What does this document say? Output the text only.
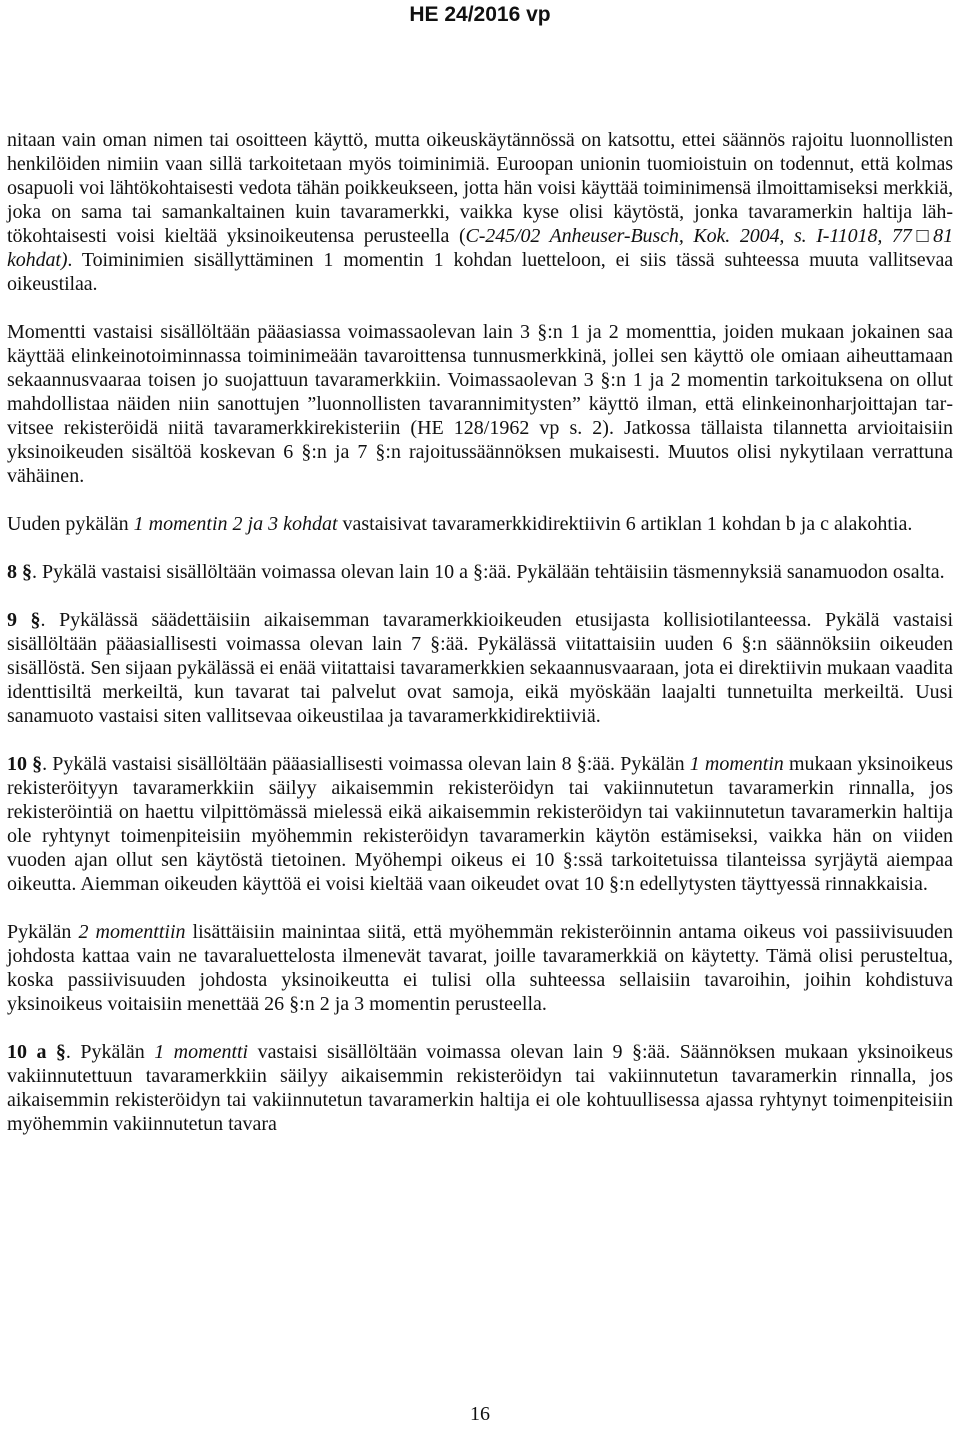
HE 24/2016 vp

nitaan vain oman nimen tai osoitteen käyttö, mutta oikeuskäytännössä on katsottu, ettei säännös rajoitu luonnollisten henkilöiden nimiin vaan sillä tarkoitetaan myös toiminimiä. Euroopan unionin tuomioistuin on todennut, että kolmas osapuoli voi lähtökohtaisesti vedota tähän poikkeukseen, jotta hän voisi käyttää toiminimensä ilmoittamiseksi merkkiä, joka on sama tai samankaltainen kuin tavaramerkki, vaikka kyse olisi käytöstä, jonka tavaramerkin haltija lähtökohtaisesti voisi kieltää yksinoikeutensa perusteella (C-245/02 Anheuser-Busch, Kok. 2004, s. I-11018, 77□81 kohdat). Toiminimien sisällyttäminen 1 momentin 1 kohdan luetteloon, ei siis tässä suhteessa muuta vallitsevaa oikeustilaa.

Momentti vastaisi sisällöltään pääasiassa voimassaolevan lain 3 §:n 1 ja 2 momenttia, joiden mukaan jokainen saa käyttää elinkeinotoiminnassa toiminimeään tavaroittensa tunnusmerkkinä, jollei sen käyttö ole omiaan aiheuttamaan sekaannusvaaraa toisen jo suojattuun tavaramerkkiin. Voimassaolevan 3 §:n 1 ja 2 momentin tarkoituksena on ollut mahdollistaa näiden niin sanottujen ”luonnollisten tavarannimitysten” käyttö ilman, että elinkeinonharjoittajan tarvitsee rekisteröidä niitä tavaramerkkirekisteriin (HE 128/1962 vp s. 2). Jatkossa tällaista tilannetta arvioitaisiin yksinoikeuden sisältöä koskevan 6 §:n ja 7 §:n rajoitussäännöksen mukaisesti. Muutos olisi nykytilaan verrattuna vähäinen.

Uuden pykälän 1 momentin 2 ja 3 kohdat vastaisivat tavaramerkkidirektiivin 6 artiklan 1 kohdan b ja c alakohtia.

8 §. Pykälä vastaisi sisällöltään voimassa olevan lain 10 a §:ää. Pykälään tehtäisiin täsmennyksiä sanamuodon osalta.

9 §. Pykälässä säädettäisiin aikaisemman tavaramerkkioikeuden etusijasta kollisiotilanteessa. Pykälä vastaisi sisällöltään pääasiallisesti voimassa olevan lain 7 §:ää. Pykälässä viitattaisiin uuden 6 §:n säännöksiin oikeuden sisällöstä. Sen sijaan pykälässä ei enää viitattaisi tavaramerkkien sekaannusvaaraan, jota ei direktiivin mukaan vaadita identtisiltä merkeiltä, kun tavarat tai palvelut ovat samoja, eikä myöskään laajalti tunnetuilta merkeiltä. Uusi sanamuoto vastaisi siten vallitsevaa oikeustilaa ja tavaramerkkidirektiiviä.

10 §. Pykälä vastaisi sisällöltään pääasiallisesti voimassa olevan lain 8 §:ää. Pykälän 1 momentin mukaan yksinoikeus rekisteröityyn tavaramerkkiin säilyy aikaisemmin rekisteröidyn tai vakiinnutetun tavaramerkin rinnalla, jos rekisteröintiä on haettu vilpittömässä mielessä eikä aikaisemmin rekisteröidyn tai vakiinnutetun tavaramerkin haltija ole ryhtynyt toimenpiteisiin myöhemmin rekisteröidyn tavaramerkin käytön estämiseksi, vaikka hän on viiden vuoden ajan ollut sen käytöstä tietoinen. Myöhempi oikeus ei 10 §:ssä tarkoitetuissa tilanteissa syrjäytä aiempaa oikeutta. Aiemman oikeuden käyttöä ei voisi kieltää vaan oikeudet ovat 10 §:n edellytysten täyttyessä rinnakkaisia.

Pykälän 2 momenttiin lisättäisiin mainintaa siitä, että myöhemmän rekisteröinnin antama oikeus voi passiivisuuden johdosta kattaa vain ne tavaraluettelosta ilmenevät tavarat, joille tavaramerkkiä on käytetty. Tämä olisi perusteltua, koska passiivisuuden johdosta yksinoikeutta ei tulisi olla suhteessa sellaisiin tavaroihin, joihin kohdistuva yksinoikeus voitaisiin menettää 26 §:n 2 ja 3 momentin perusteella.

10 a §. Pykälän 1 momentti vastaisi sisällöltään voimassa olevan lain 9 §:ää. Säännöksen mukaan yksinoikeus vakiinnutettuun tavaramerkkiin säilyy aikaisemmin rekisteröidyn tai vakiinnutetun tavaramerkin rinnalla, jos aikaisemmin rekisteröidyn tai vakiinnutetun tavaramerkin haltija ei ole kohtuullisessa ajassa ryhtynyt toimenpiteisiin myöhemmin vakiinnutetun tavara

16
